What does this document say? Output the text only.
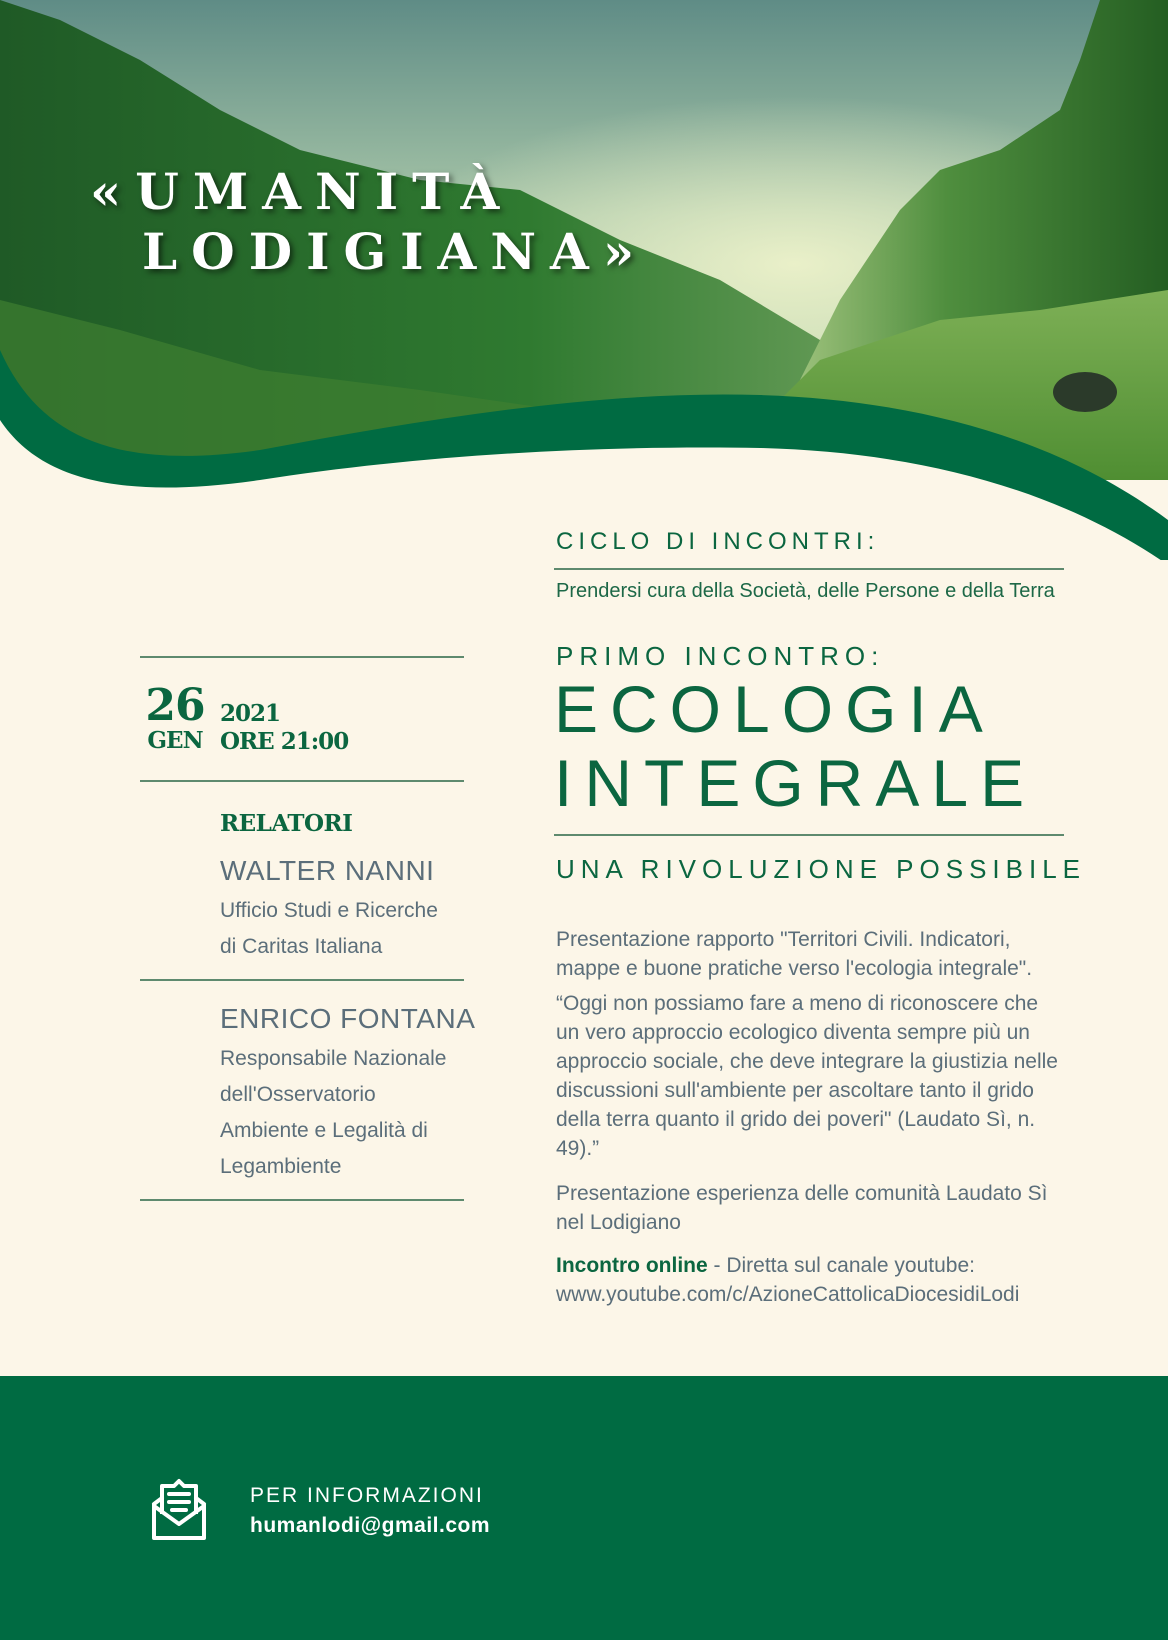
«UMANITÀ
LODIGIANA»
26
GEN
2021
ORE 21:00
RELATORI
WALTER NANNI
Ufficio Studi e Ricerche
di Caritas Italiana
ENRICO FONTANA
Responsabile Nazionale
dell'Osservatorio
Ambiente e Legalità di
Legambiente
CICLO DI INCONTRI:
Prendersi cura della Società, delle Persone e della Terra
PRIMO INCONTRO:
ECOLOGIA
INTEGRALE
UNA RIVOLUZIONE POSSIBILE
Presentazione rapporto "Territori Civili. Indicatori, mappe e buone pratiche verso l'ecologia integrale".
“Oggi non possiamo fare a meno di riconoscere che un vero approccio ecologico diventa sempre più un approccio sociale, che deve integrare la giustizia nelle discussioni sull'ambiente per ascoltare tanto il grido della terra quanto il grido dei poveri" (Laudato Sì, n. 49).”
Presentazione esperienza delle comunità Laudato Sì nel Lodigiano
Incontro online - Diretta sul canale youtube:
www.youtube.com/c/AzioneCattolicaDiocesidiLodi
PER INFORMAZIONI
humanlodi@gmail.com
